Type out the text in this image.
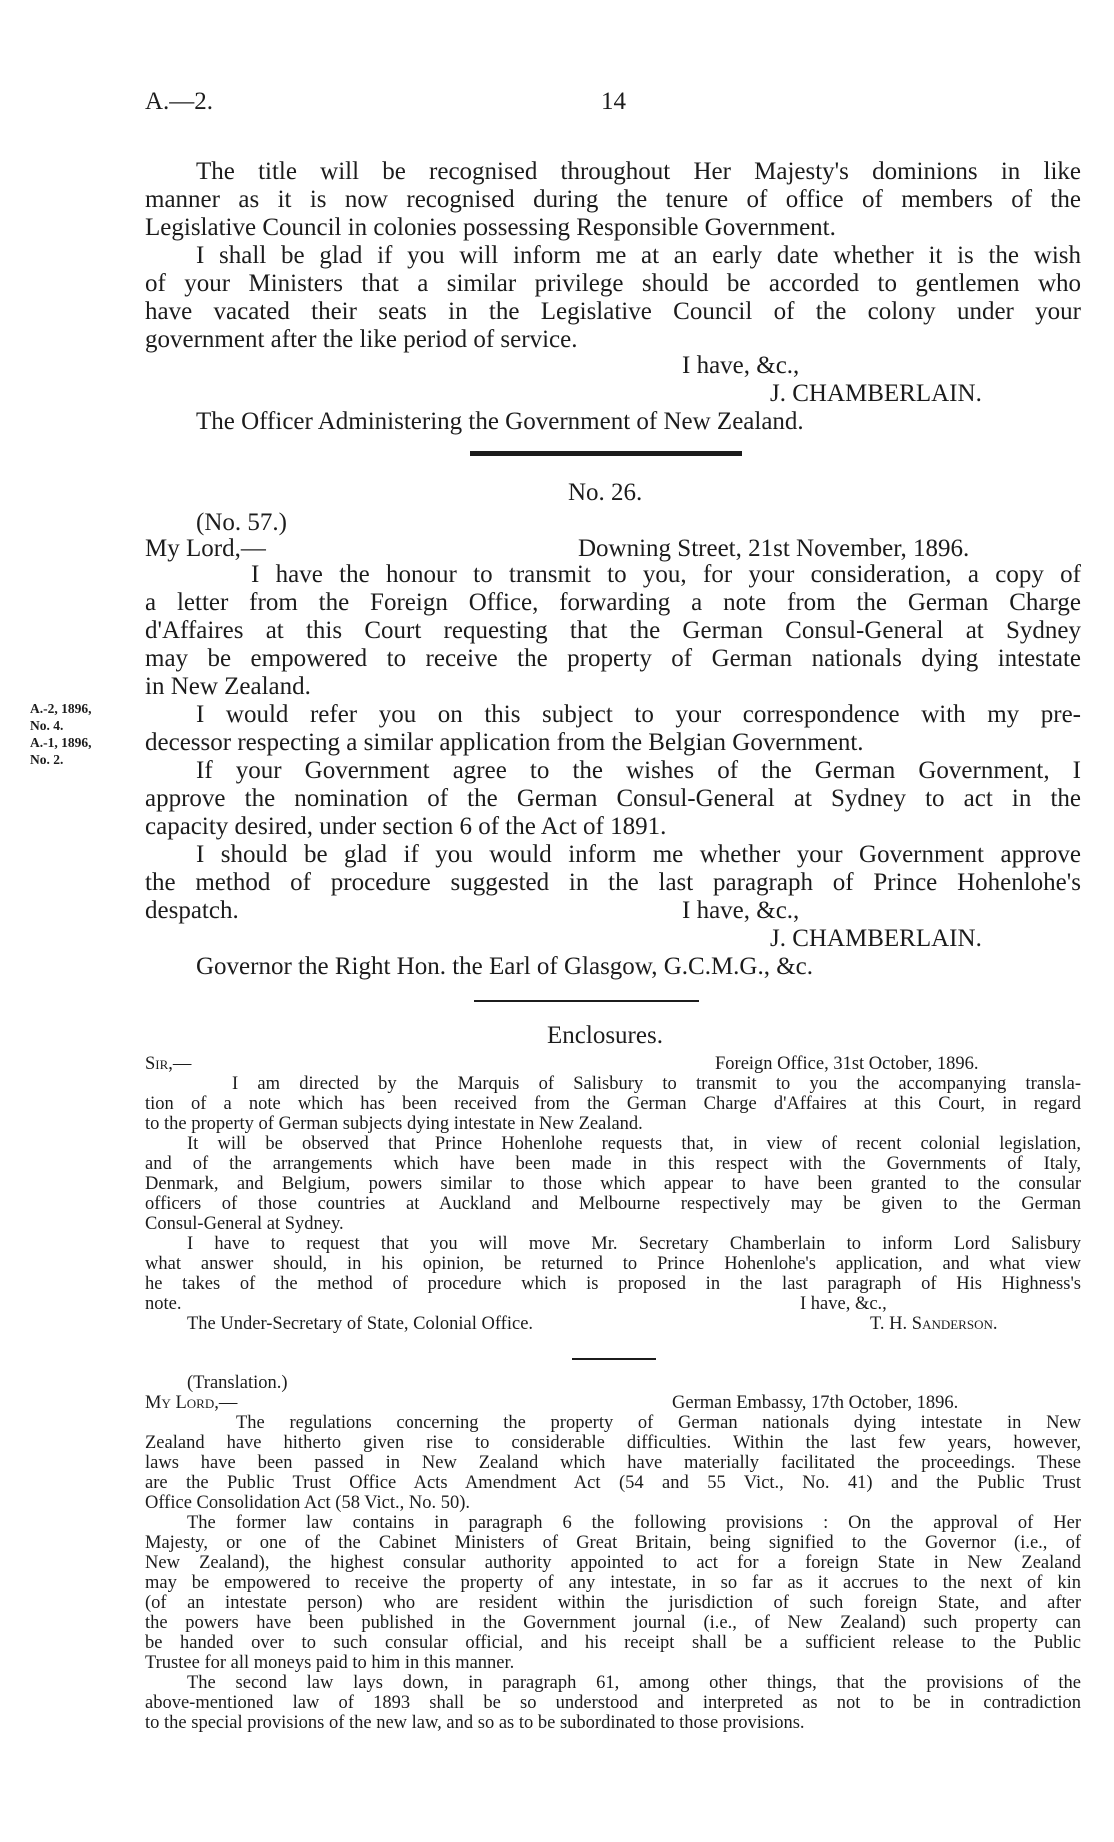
A.—2.	14
The title will be recognised throughout Her Majesty's dominions in like
manner as it is now recognised during the tenure of office of members of the
Legislative Council in colonies possessing Responsible Government.
I shall be glad if you will inform me at an early date whether it is the wish
of your Ministers that a similar privilege should be accorded to gentlemen who
have vacated their seats in the Legislative Council of the colony under your
government after the like period of service.
I have, &c.,
J. CHAMBERLAIN.
The Officer Administering the Government of New Zealand.
No. 26.
(No. 57.)
My Lord,—	Downing Street, 21st November, 1896.
I have the honour to transmit to you, for your consideration, a copy of
a letter from the Foreign Office, forwarding a note from the German Charge
d'Affaires at this Court requesting that the German Consul-General at Sydney
may be empowered to receive the property of German nationals dying intestate
in New Zealand.
I would refer you on this subject to your correspondence with my pre-
decessor respecting a similar application from the Belgian Government.
If your Government agree to the wishes of the German Government, I
approve the nomination of the German Consul-General at Sydney to act in the
capacity desired, under section 6 of the Act of 1891.
I should be glad if you would inform me whether your Government approve
the method of procedure suggested in the last paragraph of Prince Hohenlohe's
despatch.	I have, &c.,
J. CHAMBERLAIN.
Governor the Right Hon. the Earl of Glasgow, G.C.M.G., &c.
A.-2, 1896,
No. 4.
A.-1, 1896,
No. 2.
Enclosures.
Sir,—	Foreign Office, 31st October, 1896.
I am directed by the Marquis of Salisbury to transmit to you the accompanying transla-
tion of a note which has been received from the German Charge d'Affaires at this Court, in regard
to the property of German subjects dying intestate in New Zealand.
It will be observed that Prince Hohenlohe requests that, in view of recent colonial legislation,
and of the arrangements which have been made in this respect with the Governments of Italy,
Denmark, and Belgium, powers similar to those which appear to have been granted to the consular
officers of those countries at Auckland and Melbourne respectively may be given to the German
Consul-General at Sydney.
I have to request that you will move Mr. Secretary Chamberlain to inform Lord Salisbury
what answer should, in his opinion, be returned to Prince Hohenlohe's application, and what view
he takes of the method of procedure which is proposed in the last paragraph of His Highness's
note.	I have, &c.,
The Under-Secretary of State, Colonial Office.	T. H. Sanderson.
(Translation.)
My Lord,—	German Embassy, 17th October, 1896.
The regulations concerning the property of German nationals dying intestate in New
Zealand have hitherto given rise to considerable difficulties. Within the last few years, however,
laws have been passed in New Zealand which have materially facilitated the proceedings. These
are the Public Trust Office Acts Amendment Act (54 and 55 Vict., No. 41) and the Public Trust
Office Consolidation Act (58 Vict., No. 50).
The former law contains in paragraph 6 the following provisions : On the approval of Her
Majesty, or one of the Cabinet Ministers of Great Britain, being signified to the Governor (i.e., of
New Zealand), the highest consular authority appointed to act for a foreign State in New Zealand
may be empowered to receive the property of any intestate, in so far as it accrues to the next of kin
(of an intestate person) who are resident within the jurisdiction of such foreign State, and after
the powers have been published in the Government journal (i.e., of New Zealand) such property can
be handed over to such consular official, and his receipt shall be a sufficient release to the Public
Trustee for all moneys paid to him in this manner.
The second law lays down, in paragraph 61, among other things, that the provisions of the
above-mentioned law of 1893 shall be so understood and interpreted as not to be in contradiction
to the special provisions of the new law, and so as to be subordinated to those provisions.
